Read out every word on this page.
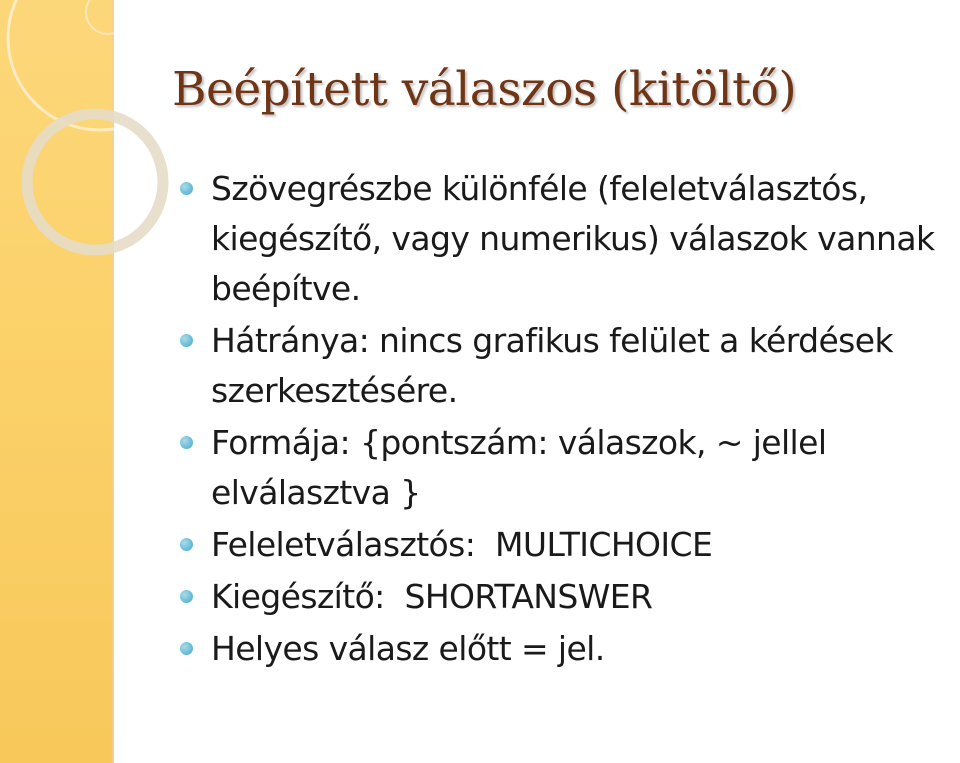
Beépített válaszos (kitöltő)
Szövegrészbe különféle (feleletválasztós,
kiegészítő, vagy numerikus) válaszok vannak
beépítve.
Hátránya: nincs grafikus felület a kérdések
szerkesztésére.
Formája: {pontszám: válaszok, ~ jellel
elválasztva }
Feleletválasztós:  MULTICHOICE
Kiegészítő:  SHORTANSWER
Helyes válasz előtt = jel.
